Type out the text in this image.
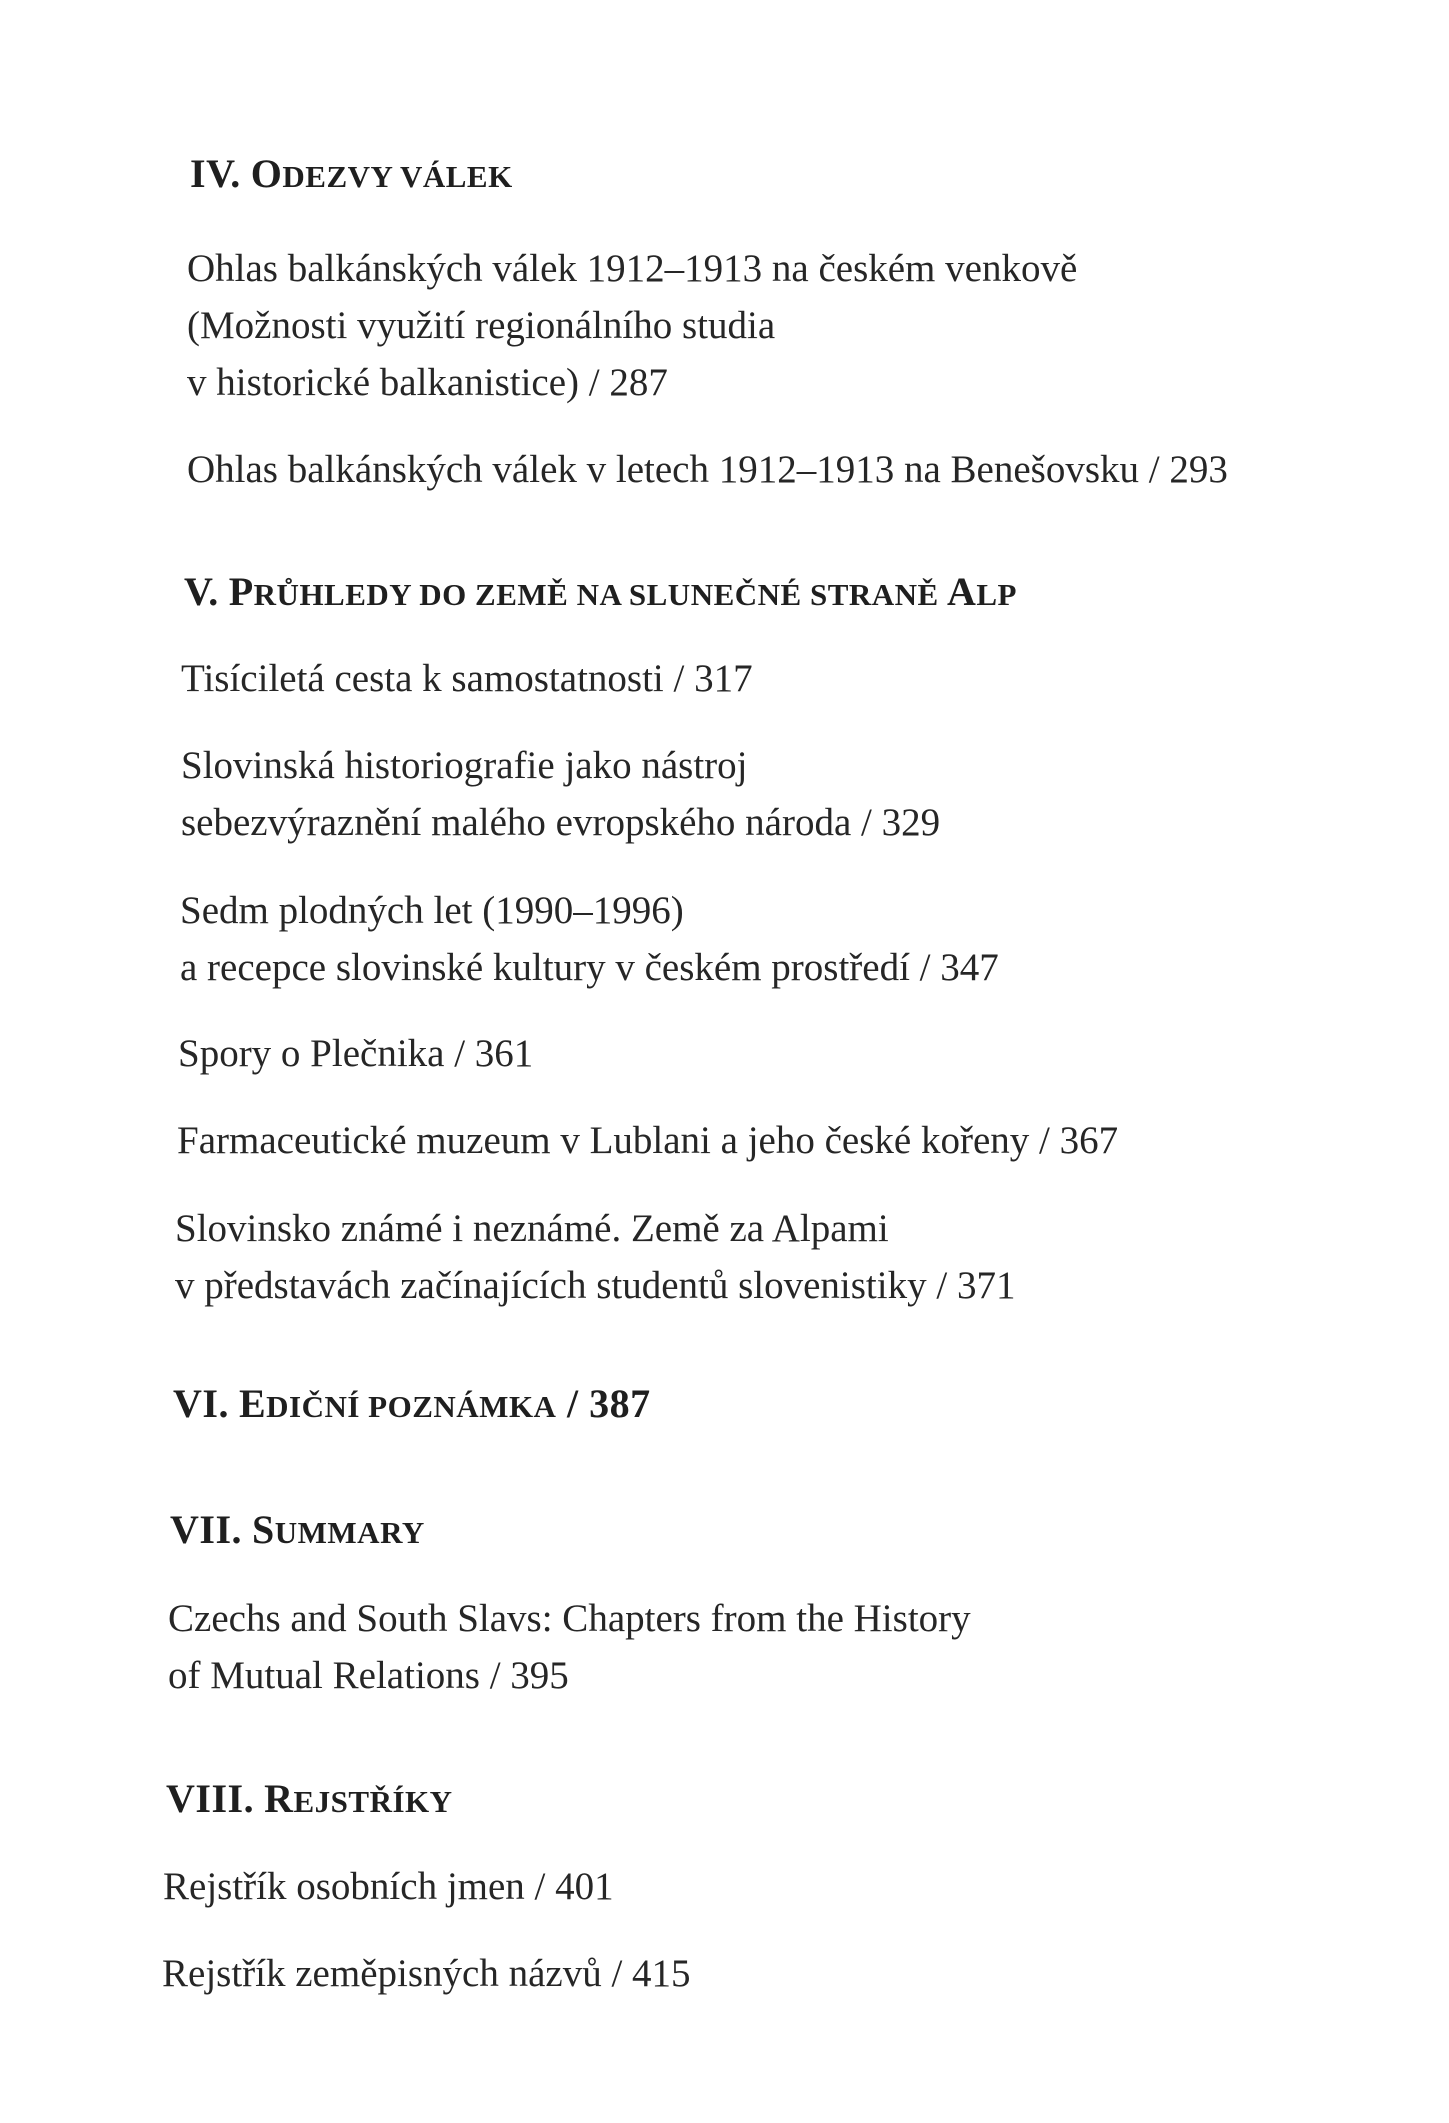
IV. ODEZVY VÁLEK
Ohlas balkánských válek 1912–1913 na českém venkově
(Možnosti využití regionálního studia
v historické balkanistice) / 287
Ohlas balkánských válek v letech 1912–1913 na Benešovsku / 293
V. PRŮHLEDY DO ZEMĚ NA SLUNEČNÉ STRANĚ ALP
Tisíciletá cesta k samostatnosti / 317
Slovinská historiografie jako nástroj
sebezvýraznění malého evropského národa / 329
Sedm plodných let (1990–1996)
a recepce slovinské kultury v českém prostředí / 347
Spory o Plečnika / 361
Farmaceutické muzeum v Lublani a jeho české kořeny / 367
Slovinsko známé i neznámé. Země za Alpami
v představách začínajících studentů slovenistiky / 371
VI. EDIČNÍ POZNÁMKA / 387
VII. SUMMARY
Czechs and South Slavs: Chapters from the History
of Mutual Relations / 395
VIII. REJSTŘÍKY
Rejstřík osobních jmen / 401
Rejstřík zeměpisných názvů / 415
